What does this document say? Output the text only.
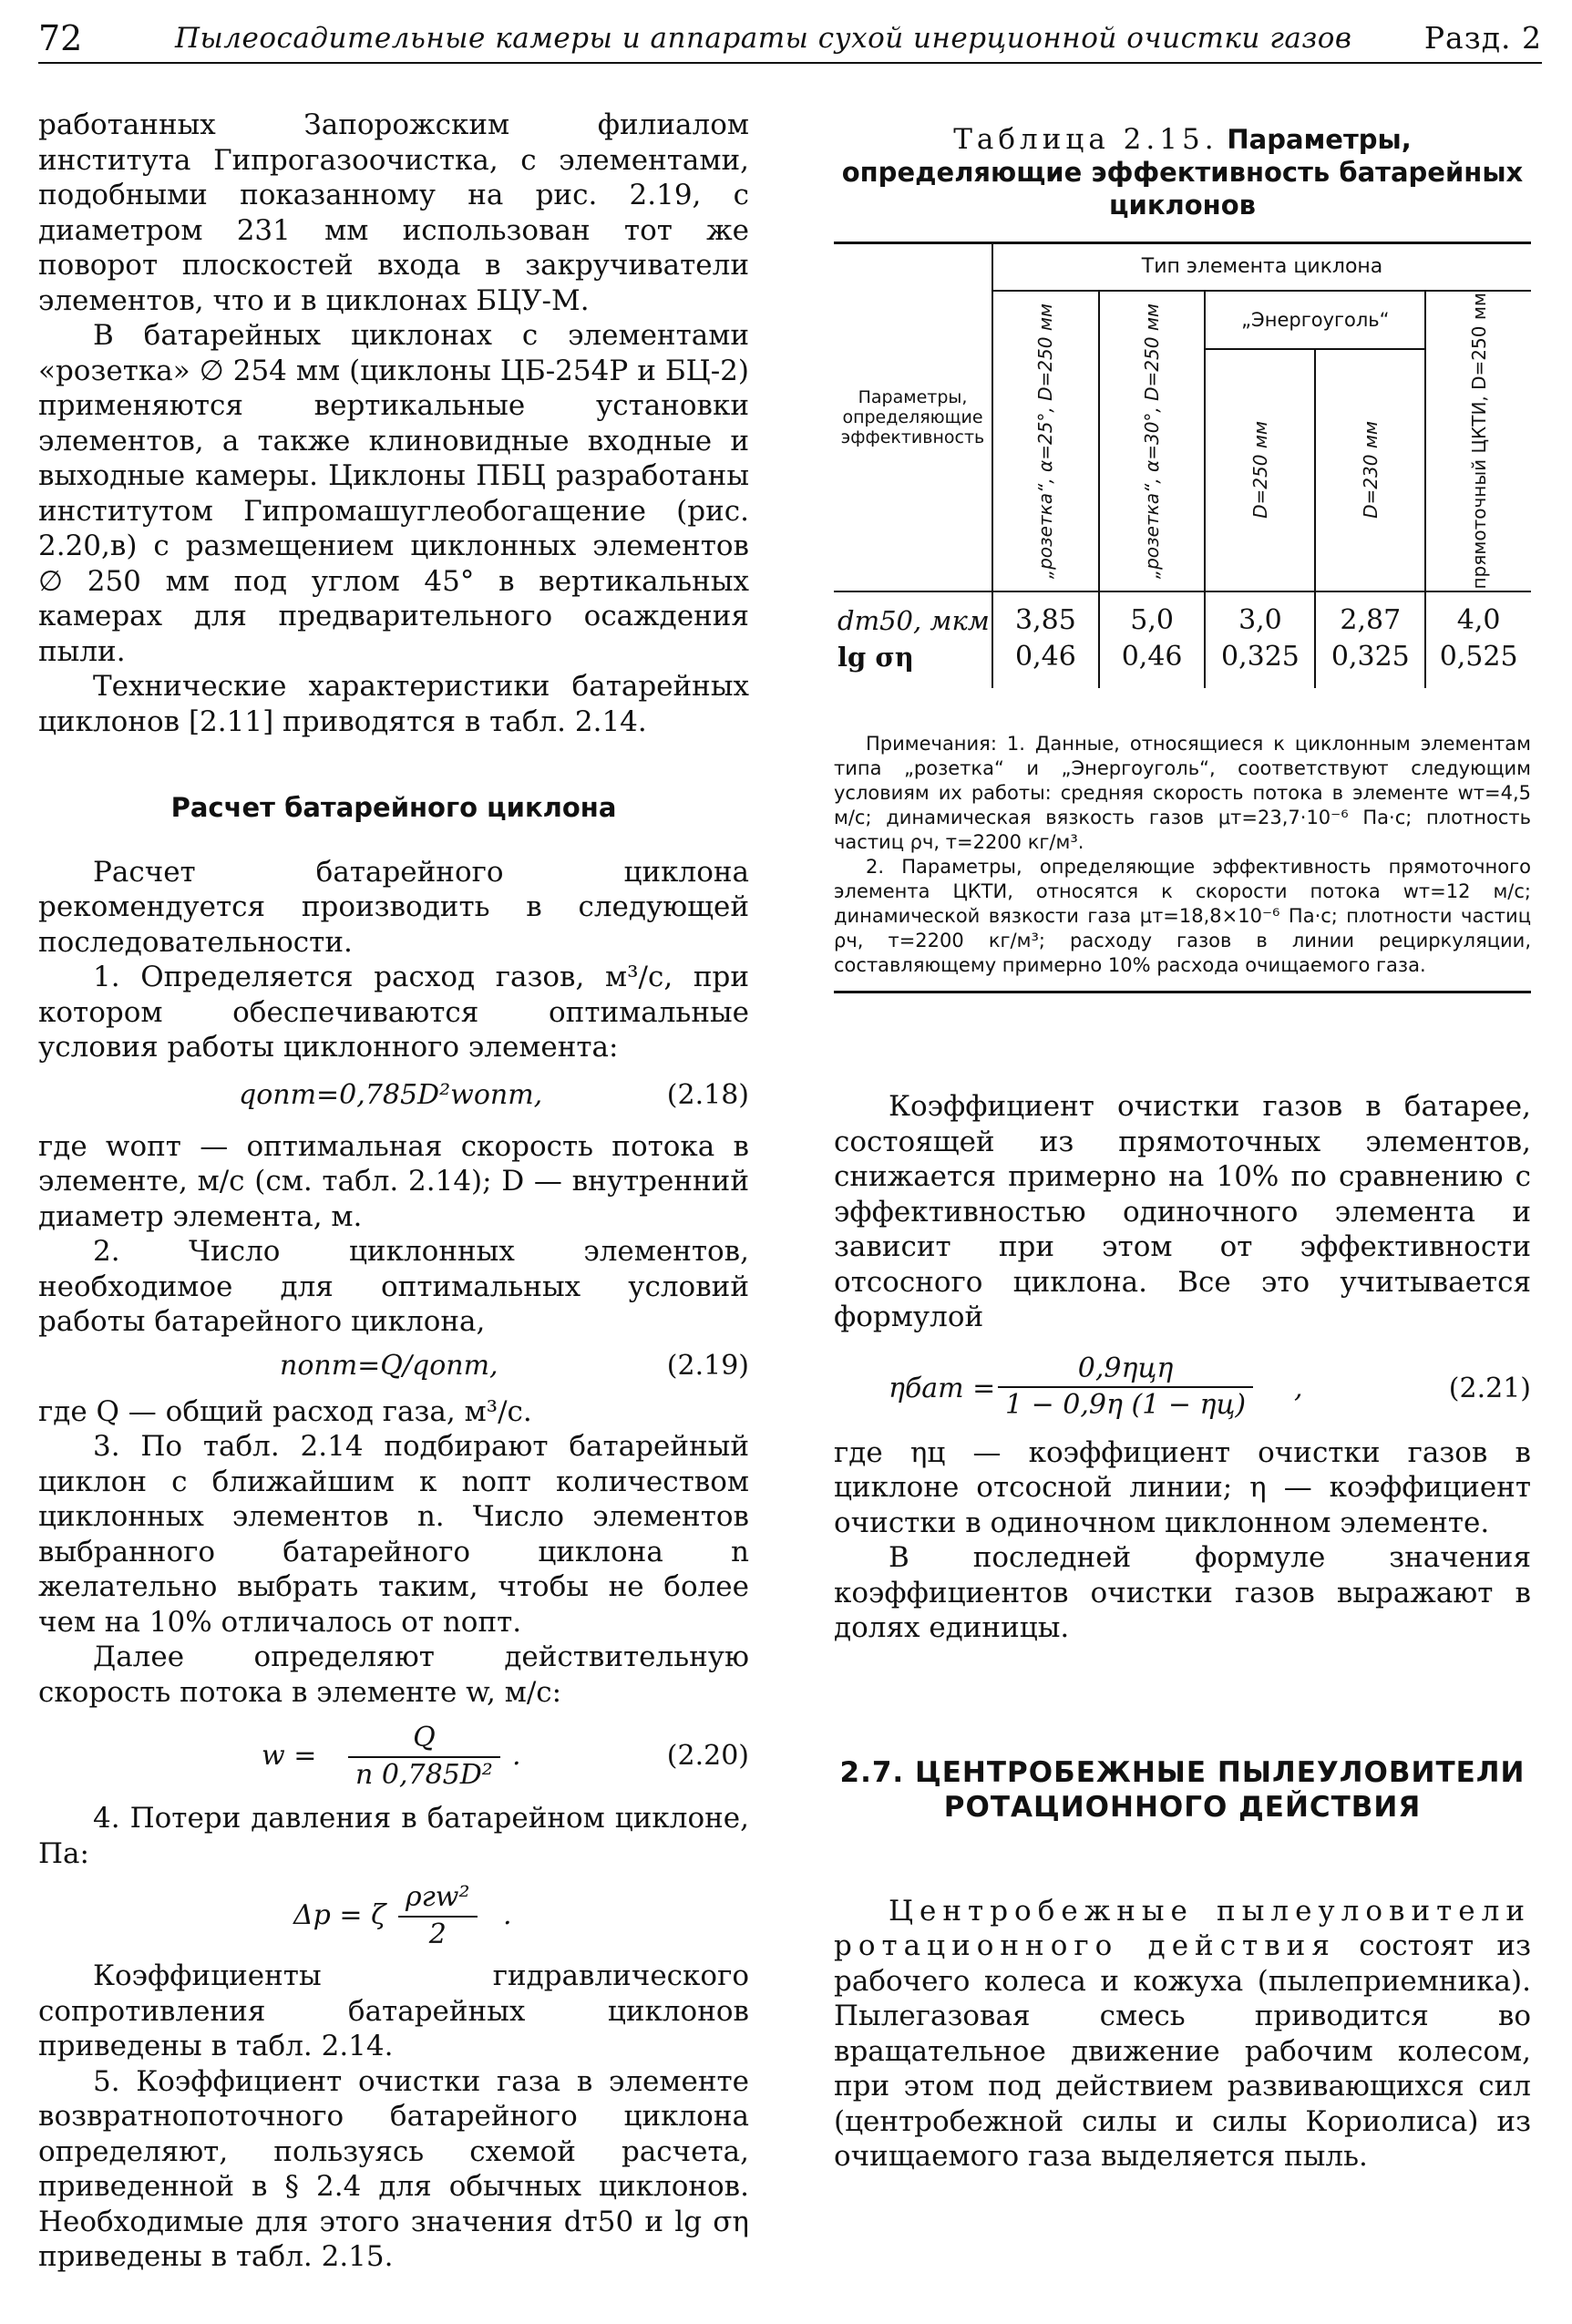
72	Пылеосадительные камеры и аппараты сухой инерционной очистки газов Разд. 2

работанных Запорожским филиалом института Гипрогазоочистка, с элементами, подобными показанному на рис. 2.19, с диаметром 231 мм использован тот же поворот плоскостей входа в закручиватели элементов, что и в циклонах БЦУ-М.

В батарейных циклонах с элементами «розетка» ∅ 254 мм (циклоны ЦБ-254Р и БЦ-2) применяются вертикальные установки элементов, а также клиновидные входные и выходные камеры. Циклоны ПБЦ разработаны институтом Гипромашуглеобогащение (рис. 2.20,в) с размещением циклонных элементов ∅ 250 мм под углом 45° в вертикальных камерах для предварительного осаждения пыли.

Технические характеристики батарейных циклонов [2.11] приводятся в табл. 2.14.

Расчет батарейного циклона

Расчет батарейного циклона рекомендуется производить в следующей последовательности.

1. Определяется расход газов, м³/с, при котором обеспечиваются оптимальные условия работы циклонного элемента:

qопт=0,785D²wопт,	(2.18)

где wопт — оптимальная скорость потока в элементе, м/с (см. табл. 2.14); D — внутренний диаметр элемента, м.

2. Число циклонных элементов, необходимое для оптимальных условий работы батарейного циклона,

nопт=Q/qопт,	(2.19)

где Q — общий расход газа, м³/с.

3. По табл. 2.14 подбирают батарейный циклон с ближайшим к nопт количеством циклонных элементов n. Число элементов выбранного батарейного циклона n желательно выбрать таким, чтобы не более чем на 10% отличалось от nопт.

Далее определяют действительную скорость потока в элементе w, м/с:

$w = \frac{Q}{\text{n 0,785D²}}$ .	(2.20)

4. Потери давления в батарейном циклоне, Па:

Δp = ζ
ρгw²
2
.

Коэффициенты гидравлического сопротивления батарейных циклонов приведены в табл. 2.14.

5. Коэффициент очистки газа в элементе возвратнопоточного батарейного циклона определяют, пользуясь схемой расчета, приведенной в § 2.4 для обычных циклонов. Необходимые для этого значения dт50 и lg ση приведены в табл. 2.15.

Таблица 2.15. Параметры, определяющие эффективность батарейных циклонов
Параметры, определяющие эффективность	Тип элемента циклона				

	„розетка“, α=25°, D=250 мм	„розетка“, α=30°, D=250 мм	„Энергоуголь“		прямоточный ЦКТИ, D=250 мм

			D=250 мм	D=230 мм	

dт50, мкм	3,85	5,0	3,0	2,87	4,0
lg ση	0,46	0,46	0,325	0,325	0,525

Примечания: 1. Данные, относящиеся к циклонным элементам типа „розетка“ и „Энергоуголь“, соответствуют следующим условиям их работы: средняя скорость потока в элементе wт=4,5 м/с; динамическая вязкость газов μт=23,7·10⁻⁶ Па·с; плотность частиц ρч, т=2200 кг/м³.

2. Параметры, определяющие эффективность прямоточного элемента ЦКТИ, относятся к скорости потока wт=12 м/с; динамической вязкости газа μт=18,8×10⁻⁶ Па·с; плотности частиц ρч, т=2200 кг/м³; расходу газов в линии рециркуляции, составляющему примерно 10% расхода очищаемого газа.

Коэффициент очистки газов в батарее, состоящей из прямоточных элементов, снижается примерно на 10% по сравнению с эффективностью одиночного элемента и зависит при этом от эффективности отсосного циклона. Все это учитывается формулой

ηбат =
0,9ηцη
1 − 0,9η (1 − ηц)
,	(2.21)

где ηц — коэффициент очистки газов в циклоне отсосной линии; η — коэффициент очистки в одиночном циклонном элементе.

В последней формуле значения коэффициентов очистки газов выражают в долях единицы.

2.7. ЦЕНТРОБЕЖНЫЕ ПЫЛЕУЛОВИТЕЛИ РОТАЦИОННОГО ДЕЙСТВИЯ

Центробежные пылеуловители ротационного действия состоят из рабочего колеса и кожуха (пылеприемника). Пылегазовая смесь приводится во вращательное движение рабочим колесом, при этом под действием развивающихся сил (центробежной силы и силы Кориолиса) из очищаемого газа выделяется пыль.
